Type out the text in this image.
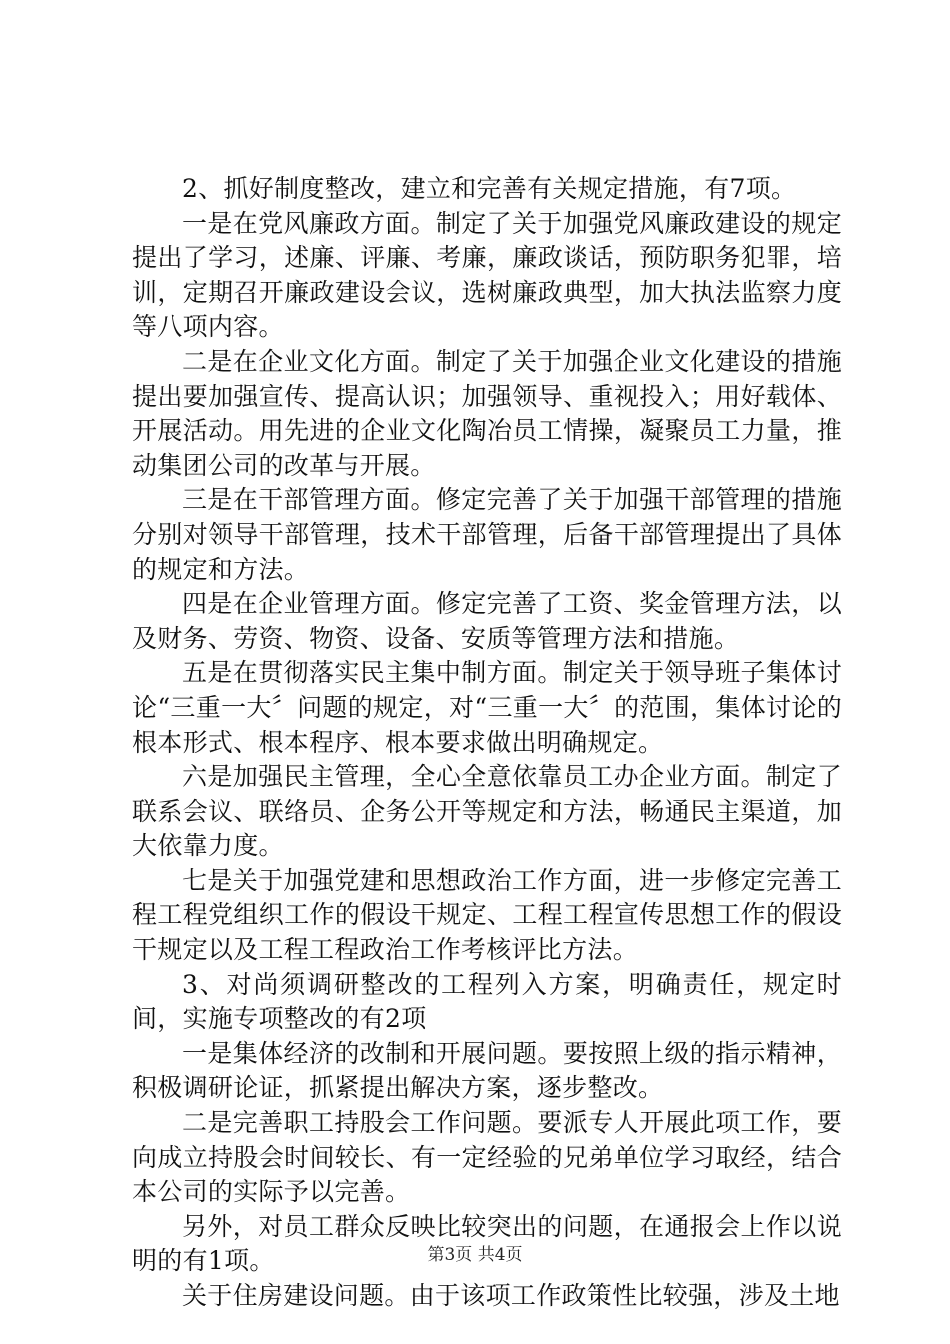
2、抓好制度整改，建立和完善有关规定措施，有7项。

一是在党风廉政方面。制定了关于加强党风廉政建设的规定提出了学习，述廉、评廉、考廉，廉政谈话，预防职务犯罪，培训，定期召开廉政建设会议，选树廉政典型，加大执法监察力度等八项内容。

二是在企业文化方面。制定了关于加强企业文化建设的措施提出要加强宣传、提高认识；加强领导、重视投入；用好载体、开展活动。用先进的企业文化陶冶员工情操，凝聚员工力量，推动集团公司的改革与开展。

三是在干部管理方面。修定完善了关于加强干部管理的措施分别对领导干部管理，技术干部管理，后备干部管理提出了具体的规定和方法。

四是在企业管理方面。修定完善了工资、奖金管理方法，以及财务、劳资、物资、设备、安质等管理方法和措施。

五是在贯彻落实民主集中制方面。制定关于领导班子集体讨论“三重一大〞问题的规定，对“三重一大〞的范围，集体讨论的根本形式、根本程序、根本要求做出明确规定。

六是加强民主管理，全心全意依靠员工办企业方面。制定了联系会议、联络员、企务公开等规定和方法，畅通民主渠道，加大依靠力度。

七是关于加强党建和思想政治工作方面，进一步修定完善工程工程党组织工作的假设干规定、工程工程宣传思想工作的假设干规定以及工程工程政治工作考核评比方法。

3、对尚须调研整改的工程列入方案，明确责任，规定时间，实施专项整改的有2项

一是集体经济的改制和开展问题。要按照上级的指示精神，积极调研论证，抓紧提出解决方案，逐步整改。

二是完善职工持股会工作问题。要派专人开展此项工作，要向成立持股会时间较长、有一定经验的兄弟单位学习取经，结合本公司的实际予以完善。

另外，对员工群众反映比较突出的问题，在通报会上作以说明的有1项。

关于住房建设问题。由于该项工作政策性比较强，涉及土地

第3页 共4页
